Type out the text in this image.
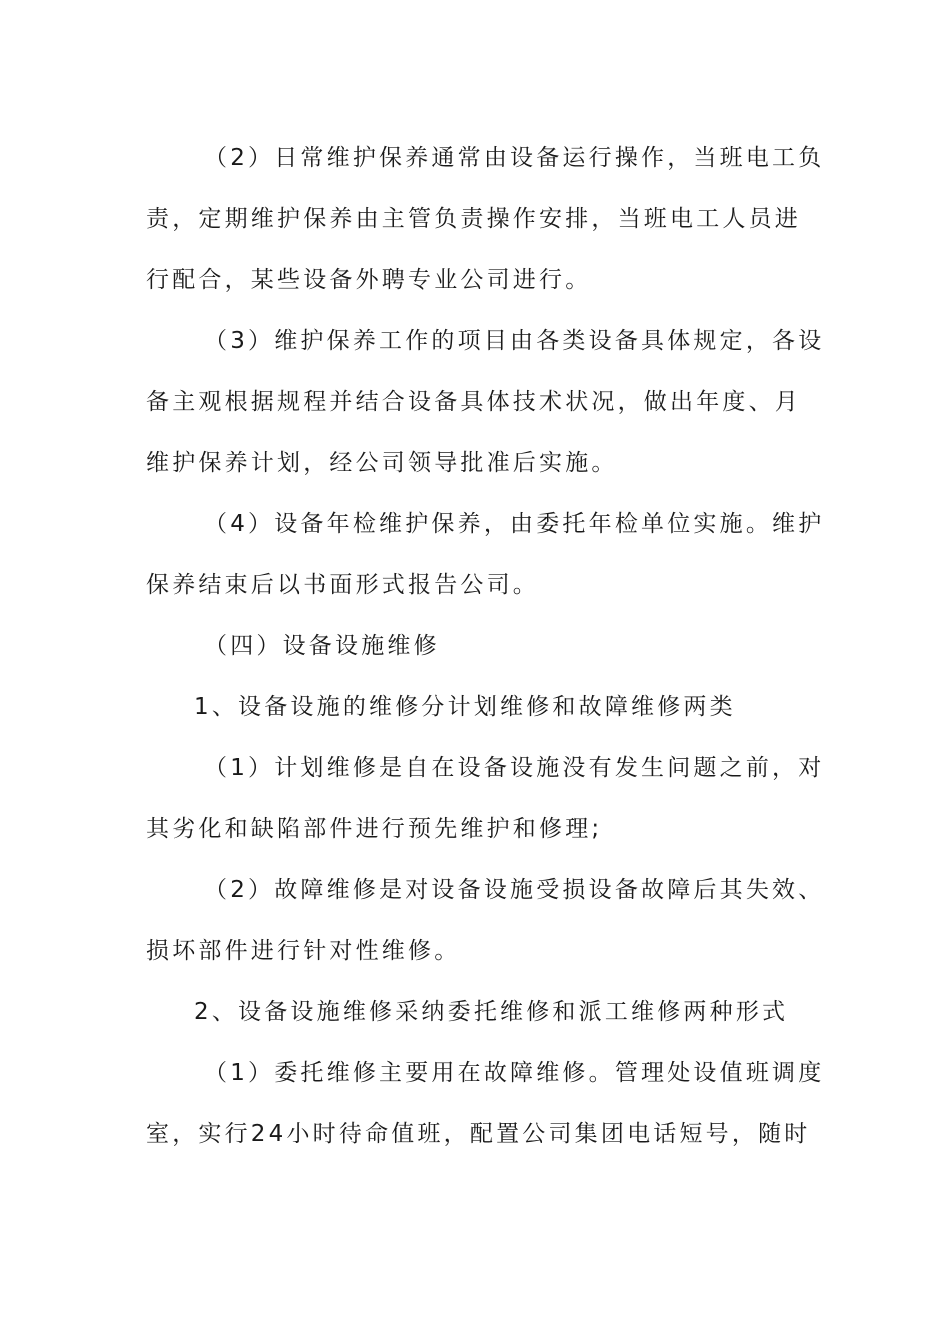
（2）日常维护保养通常由设备运行操作，当班电工负
责，定期维护保养由主管负责操作安排，当班电工人员进
行配合，某些设备外聘专业公司进行。
（3）维护保养工作的项目由各类设备具体规定，各设
备主观根据规程并结合设备具体技术状况，做出年度、月
维护保养计划，经公司领导批准后实施。
（4）设备年检维护保养，由委托年检单位实施。维护
保养结束后以书面形式报告公司。
（四）设备设施维修
1、设备设施的维修分计划维修和故障维修两类
（1）计划维修是自在设备设施没有发生问题之前，对
其劣化和缺陷部件进行预先维护和修理;
（2）故障维修是对设备设施受损设备故障后其失效、
损坏部件进行针对性维修。
2、设备设施维修采纳委托维修和派工维修两种形式
（1）委托维修主要用在故障维修。管理处设值班调度
室，实行24小时待命值班，配置公司集团电话短号，随时
